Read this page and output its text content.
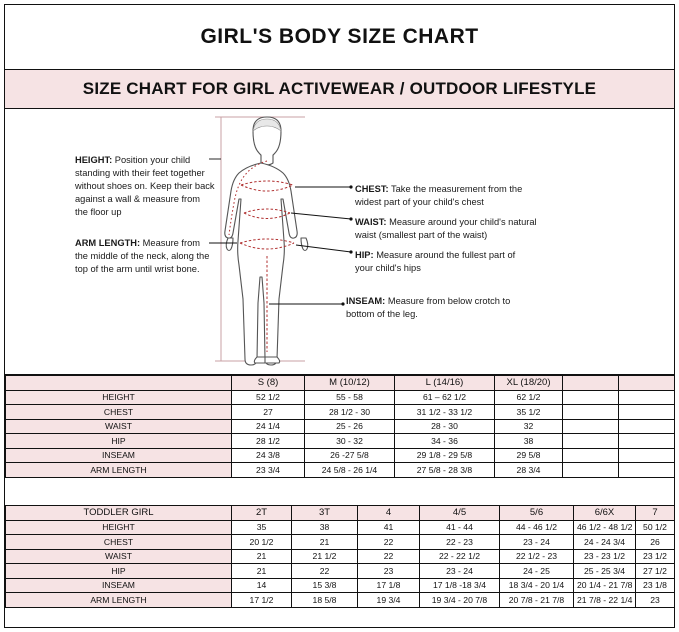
GIRL'S BODY SIZE CHART
SIZE CHART FOR GIRL ACTIVEWEAR / OUTDOOR LIFESTYLE
HEIGHT: Position your child standing with their feet together without shoes on. Keep their back against a wall & measure from the floor up
ARM LENGTH: Measure from the middle of the neck, along the top of the arm until wrist bone.
CHEST: Take the measurement from the widest part of your child's chest
WAIST: Measure around your child's natural waist (smallest part of the waist)
HIP: Measure around the fullest part of your child's hips
INSEAM: Measure from below crotch to bottom of the leg.
	S (8)	M (10/12)	L (14/16)	XL (18/20)		
HEIGHT	52 1/2	55 - 58	61 – 62 1/2	62 1/2		
CHEST	27	28 1/2 - 30	31 1/2 - 33 1/2	35 1/2		
WAIST	24 1/4	25 - 26	28 - 30	32		
HIP	28 1/2	30 - 32	34 - 36	38		
INSEAM	24 3/8	26 -27 5/8	29 1/8 - 29 5/8	29 5/8		
ARM LENGTH	23 3/4	24 5/8 - 26 1/4	27 5/8 - 28 3/8	28 3/4		
TODDLER GIRL	2T	3T	4	4/5	5/6	6/6X	7
HEIGHT	35	38	41	41 - 44	44 - 46 1/2	46 1/2 - 48 1/2	50 1/2
CHEST	20 1/2	21	22	22 - 23	23 - 24	24 - 24 3/4	26
WAIST	21	21 1/2	22	22 - 22 1/2	22 1/2 - 23	23 - 23 1/2	23 1/2
HIP	21	22	23	23 - 24	24 - 25	25 - 25 3/4	27 1/2
INSEAM	14	15 3/8	17 1/8	17 1/8 -18 3/4	18 3/4 - 20 1/4	20 1/4 - 21 7/8	23 1/8
ARM LENGTH	17 1/2	18 5/8	19 3/4	19 3/4 - 20 7/8	20 7/8 - 21 7/8	21 7/8 - 22 1/4	23
